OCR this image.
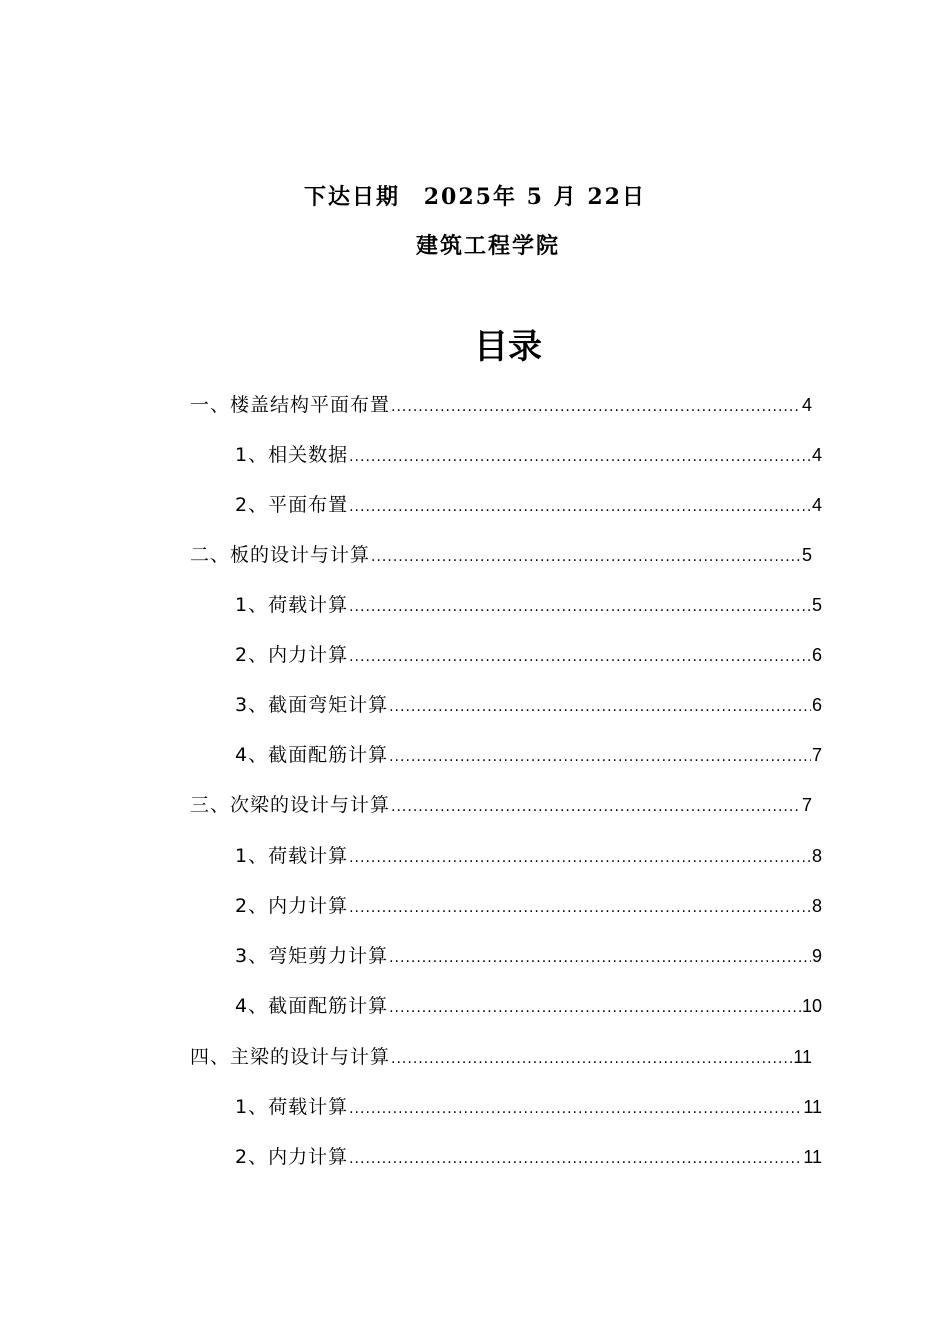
下达日期 2025年 5 月 22日
建筑工程学院
目录
一、楼盖结构平面布置 .....	4
1、相关数据 .....	4
2、平面布置 .....	4
二、板的设计与计算 .....	5
1、荷载计算 .....	5
2、内力计算 .....	6
3、截面弯矩计算 .....	6
4、截面配筋计算 .....	7
三、次梁的设计与计算 .....	7
1、荷载计算 .....	8
2、内力计算 .....	8
3、弯矩剪力计算 .....	9
4、截面配筋计算 .....	10
四、主梁的设计与计算 .....	11
1、荷载计算 .....	11
2、内力计算 .....	11
